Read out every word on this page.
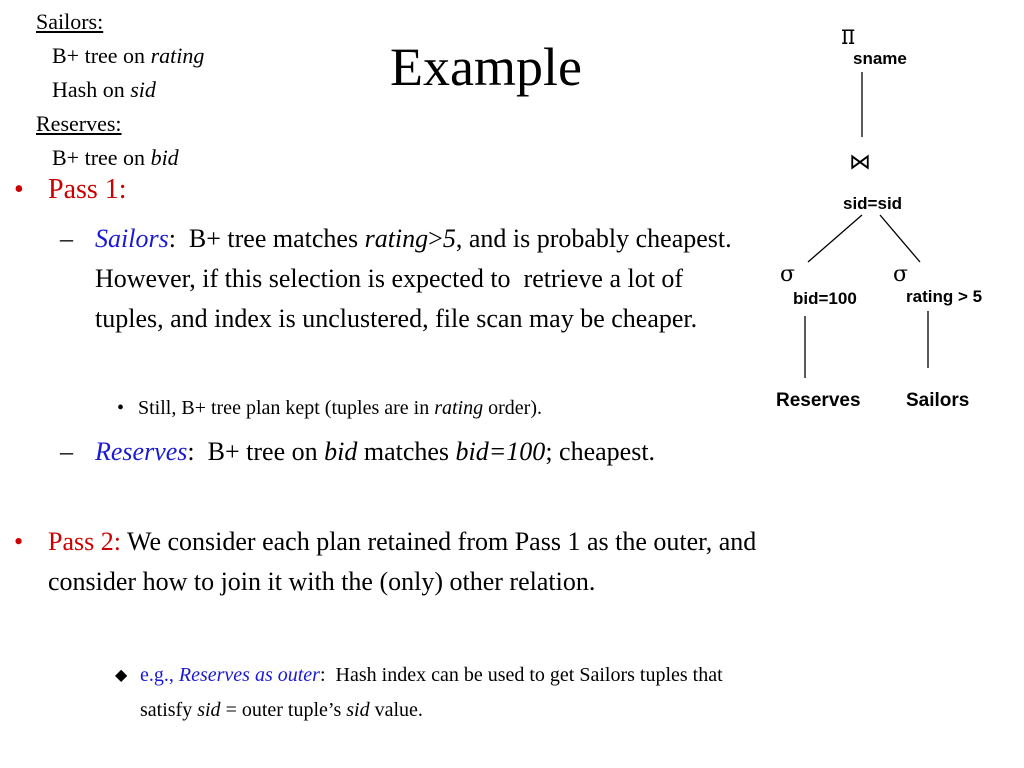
Sailors:
B+ tree on rating
Hash on sid
Reserves:
B+ tree on bid
Example
• Pass 1:
– Sailors:  B+ tree matches rating>5, and is probably cheapest.  However, if this selection is expected to  retrieve a lot of tuples, and index is unclustered, file scan may be cheaper.
• Still, B+ tree plan kept (tuples are in rating order).
– Reserves:  B+ tree on bid matches bid=100; cheapest.
• Pass 2: We consider each plan retained from Pass 1 as the outer, and consider how to join it with the (only) other relation.
◆ e.g., Reserves as outer:  Hash index can be used to get Sailors tuples that satisfy sid = outer tuple’s sid value.
π
sname
⋈
sid=sid
σ
bid=100
σ
rating > 5
Reserves Sailors
